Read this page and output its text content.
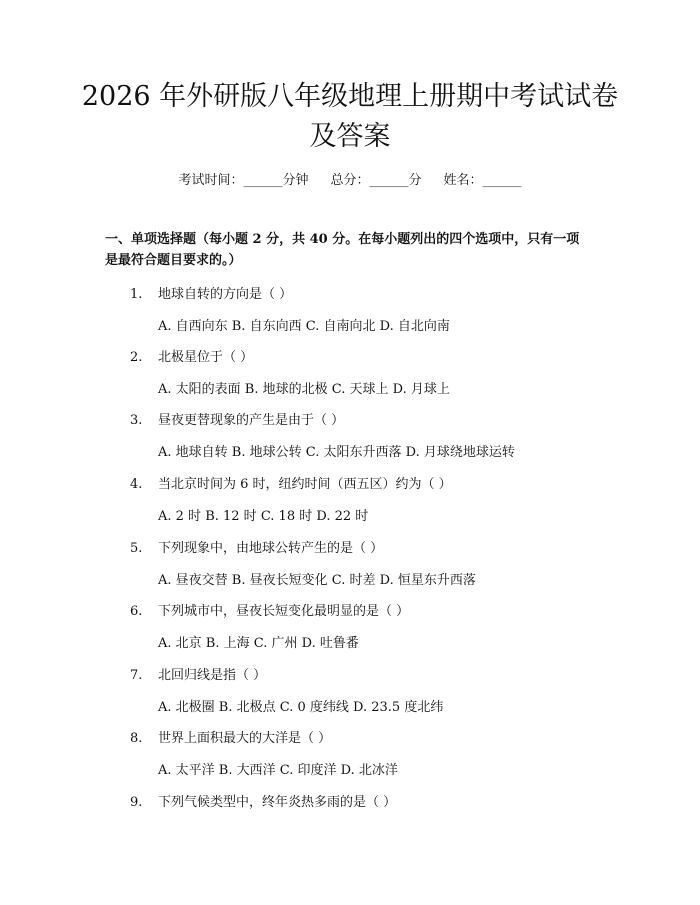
2026 年外研版八年级地理上册期中考试试卷
及答案
考试时间：______分钟 总分：______分 姓名：______

一、单项选择题（每小题 2 分，共 40 分。在每小题列出的四个选项中，只有一项

是最符合题目要求的。）

1. 地球自转的方向是（ ）
A. 自西向东 B. 自东向西 C. 自南向北 D. 自北向南
2. 北极星位于（ ）
A. 太阳的表面 B. 地球的北极 C. 天球上 D. 月球上
3. 昼夜更替现象的产生是由于（ ）
A. 地球自转 B. 地球公转 C. 太阳东升西落 D. 月球绕地球运转
4. 当北京时间为 6 时，纽约时间（西五区）约为（ ）
A. 2 时 B. 12 时 C. 18 时 D. 22 时
5. 下列现象中，由地球公转产生的是（ ）
A. 昼夜交替 B. 昼夜长短变化 C. 时差 D. 恒星东升西落
6. 下列城市中，昼夜长短变化最明显的是（ ）
A. 北京 B. 上海 C. 广州 D. 吐鲁番
7. 北回归线是指（ ）
A. 北极圈 B. 北极点 C. 0 度纬线 D. 23.5 度北纬
8. 世界上面积最大的大洋是（ ）
A. 太平洋 B. 大西洋 C. 印度洋 D. 北冰洋
9. 下列气候类型中，终年炎热多雨的是（ ）
